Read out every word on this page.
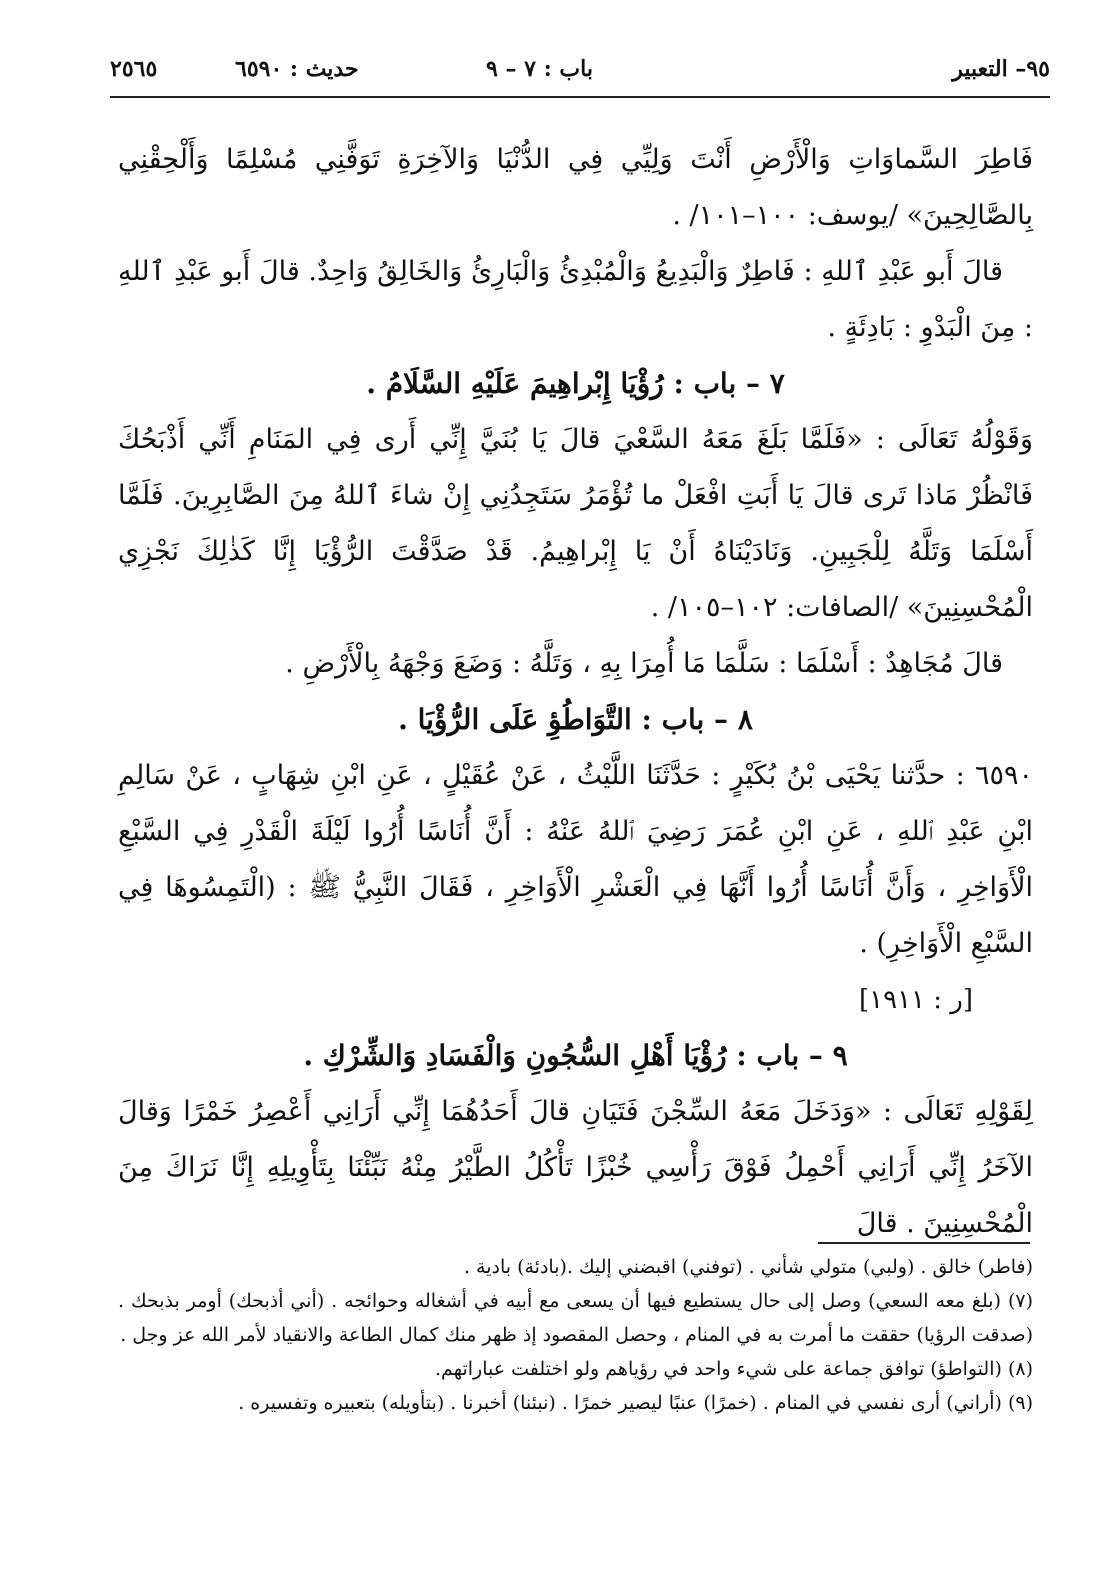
٩٥– التعبير
باب : ٧ – ٩
حديث : ٦٥٩٠
٢٥٦٥

فَاطِرَ السَّماوَاتِ وَالْأَرْضِ أَنْتَ وَلِيِّي فِي الدُّنْيَا وَالآخِرَةِ تَوَفَّنِي مُسْلِمًا وَأَلْحِقْنِي بِالصَّالِحِينَ» /يوسف: ١٠٠–١٠١/ .

قالَ أَبو عَبْدِ ٱللهِ : فَاطِرٌ وَالْبَدِيعُ وَالْمُبْدِئُ وَالْبَارِئُ وَالخَالِقُ وَاحِدٌ. قالَ أَبو عَبْدِ ٱللهِ : مِنَ الْبَدْوِ : بَادِئَةٍ .

٧ – باب : رُؤْيَا إِبْراهِيمَ عَلَيْهِ السَّلَامُ .

وَقَوْلُهُ تَعَالَى : «فَلَمَّا بَلَغَ مَعَهُ السَّعْيَ قالَ يَا بُنَيَّ إِنِّي أَرى فِي المَنَامِ أَنِّي أَذْبَحُكَ فَانْظُرْ مَاذا تَرى قالَ يَا أَبَتِ افْعَلْ ما تُؤْمَرُ سَتَجِدُنِي إِنْ شاءَ ٱللهُ مِنَ الصَّابِرِينَ. فَلَمَّا أَسْلَمَا وَتَلَّهُ لِلْجَبِينِ. وَنَادَيْنَاهُ أَنْ يَا إِبْراهِيمُ. قَدْ صَدَّقْتَ الرُّؤْيَا إِنَّا كَذٰلِكَ نَجْزِي الْمُحْسِنِينَ» /الصافات: ١٠٢–١٠٥/ .

قالَ مُجَاهِدٌ : أَسْلَمَا : سَلَّمَا مَا أُمِرَا بِهِ ، وَتَلَّهُ : وَضَعَ وَجْهَهُ بِالْأَرْضِ .

٨ – باب : التَّوَاطُؤِ عَلَى الرُّؤْيَا .

٦٥٩٠ : حدَّثنا يَحْيَى بْنُ بُكَيْرٍ : حَدَّثَنَا اللَّيْثُ ، عَنْ عُقَيْلٍ ، عَنِ ابْنِ شِهَابٍ ، عَنْ سَالِمِ ابْنِ عَبْدِ ٱللهِ ، عَنِ ابْنِ عُمَرَ رَضِيَ ٱللهُ عَنْهُ : أَنَّ أُنَاسًا أُرُوا لَيْلَةَ الْقَدْرِ فِي السَّبْعِ الْأَوَاخِرِ ، وَأَنَّ أُنَاسًا أُرُوا أَنَّهَا فِي الْعَشْرِ الْأَوَاخِرِ ، فَقَالَ النَّبِيُّ ﷺ : (الْتَمِسُوهَا فِي السَّبْعِ الْأَوَاخِرِ) .

[ر : ١٩١١]

٩ – باب : رُؤْيَا أَهْلِ السُّجُونِ وَالْفَسَادِ وَالشِّرْكِ .

لِقَوْلِهِ تَعَالَى : «وَدَخَلَ مَعَهُ السِّجْنَ فَتَيَانِ قالَ أَحَدُهُمَا إِنِّي أَرَانِي أَعْصِرُ خَمْرًا وَقالَ الآخَرُ إِنِّي أَرَانِي أَحْمِلُ فَوْقَ رَأْسِي خُبْزًا تَأْكُلُ الطَّيْرُ مِنْهُ نَبِّئْنَا بِتَأْوِيلِهِ إِنَّا نَرَاكَ مِنَ الْمُحْسِنِينَ . قالَ

(فاطر) خالق . (ولبي) متولي شأني . (توفني) اقبضني إليك .(بادئة) بادية .

(٧) (بلغ معه السعي) وصل إلى حال يستطيع فيها أن يسعى مع أبيه في أشغاله وحوائجه . (أني أذبحك) أومر بذبحك . (صدقت الرؤيا) حققت ما أمرت به في المنام ، وحصل المقصود إذ ظهر منك كمال الطاعة والانقياد لأمر الله عز وجل .

(٨) (التواطؤ) توافق جماعة على شيء واحد في رؤياهم ولو اختلفت عباراتهم.

(٩) (أراني) أرى نفسي في المنام . (خمرًا) عنبًا ليصير خمرًا . (نبئنا) أخبرنا . (بتأويله) بتعبيره وتفسيره .
